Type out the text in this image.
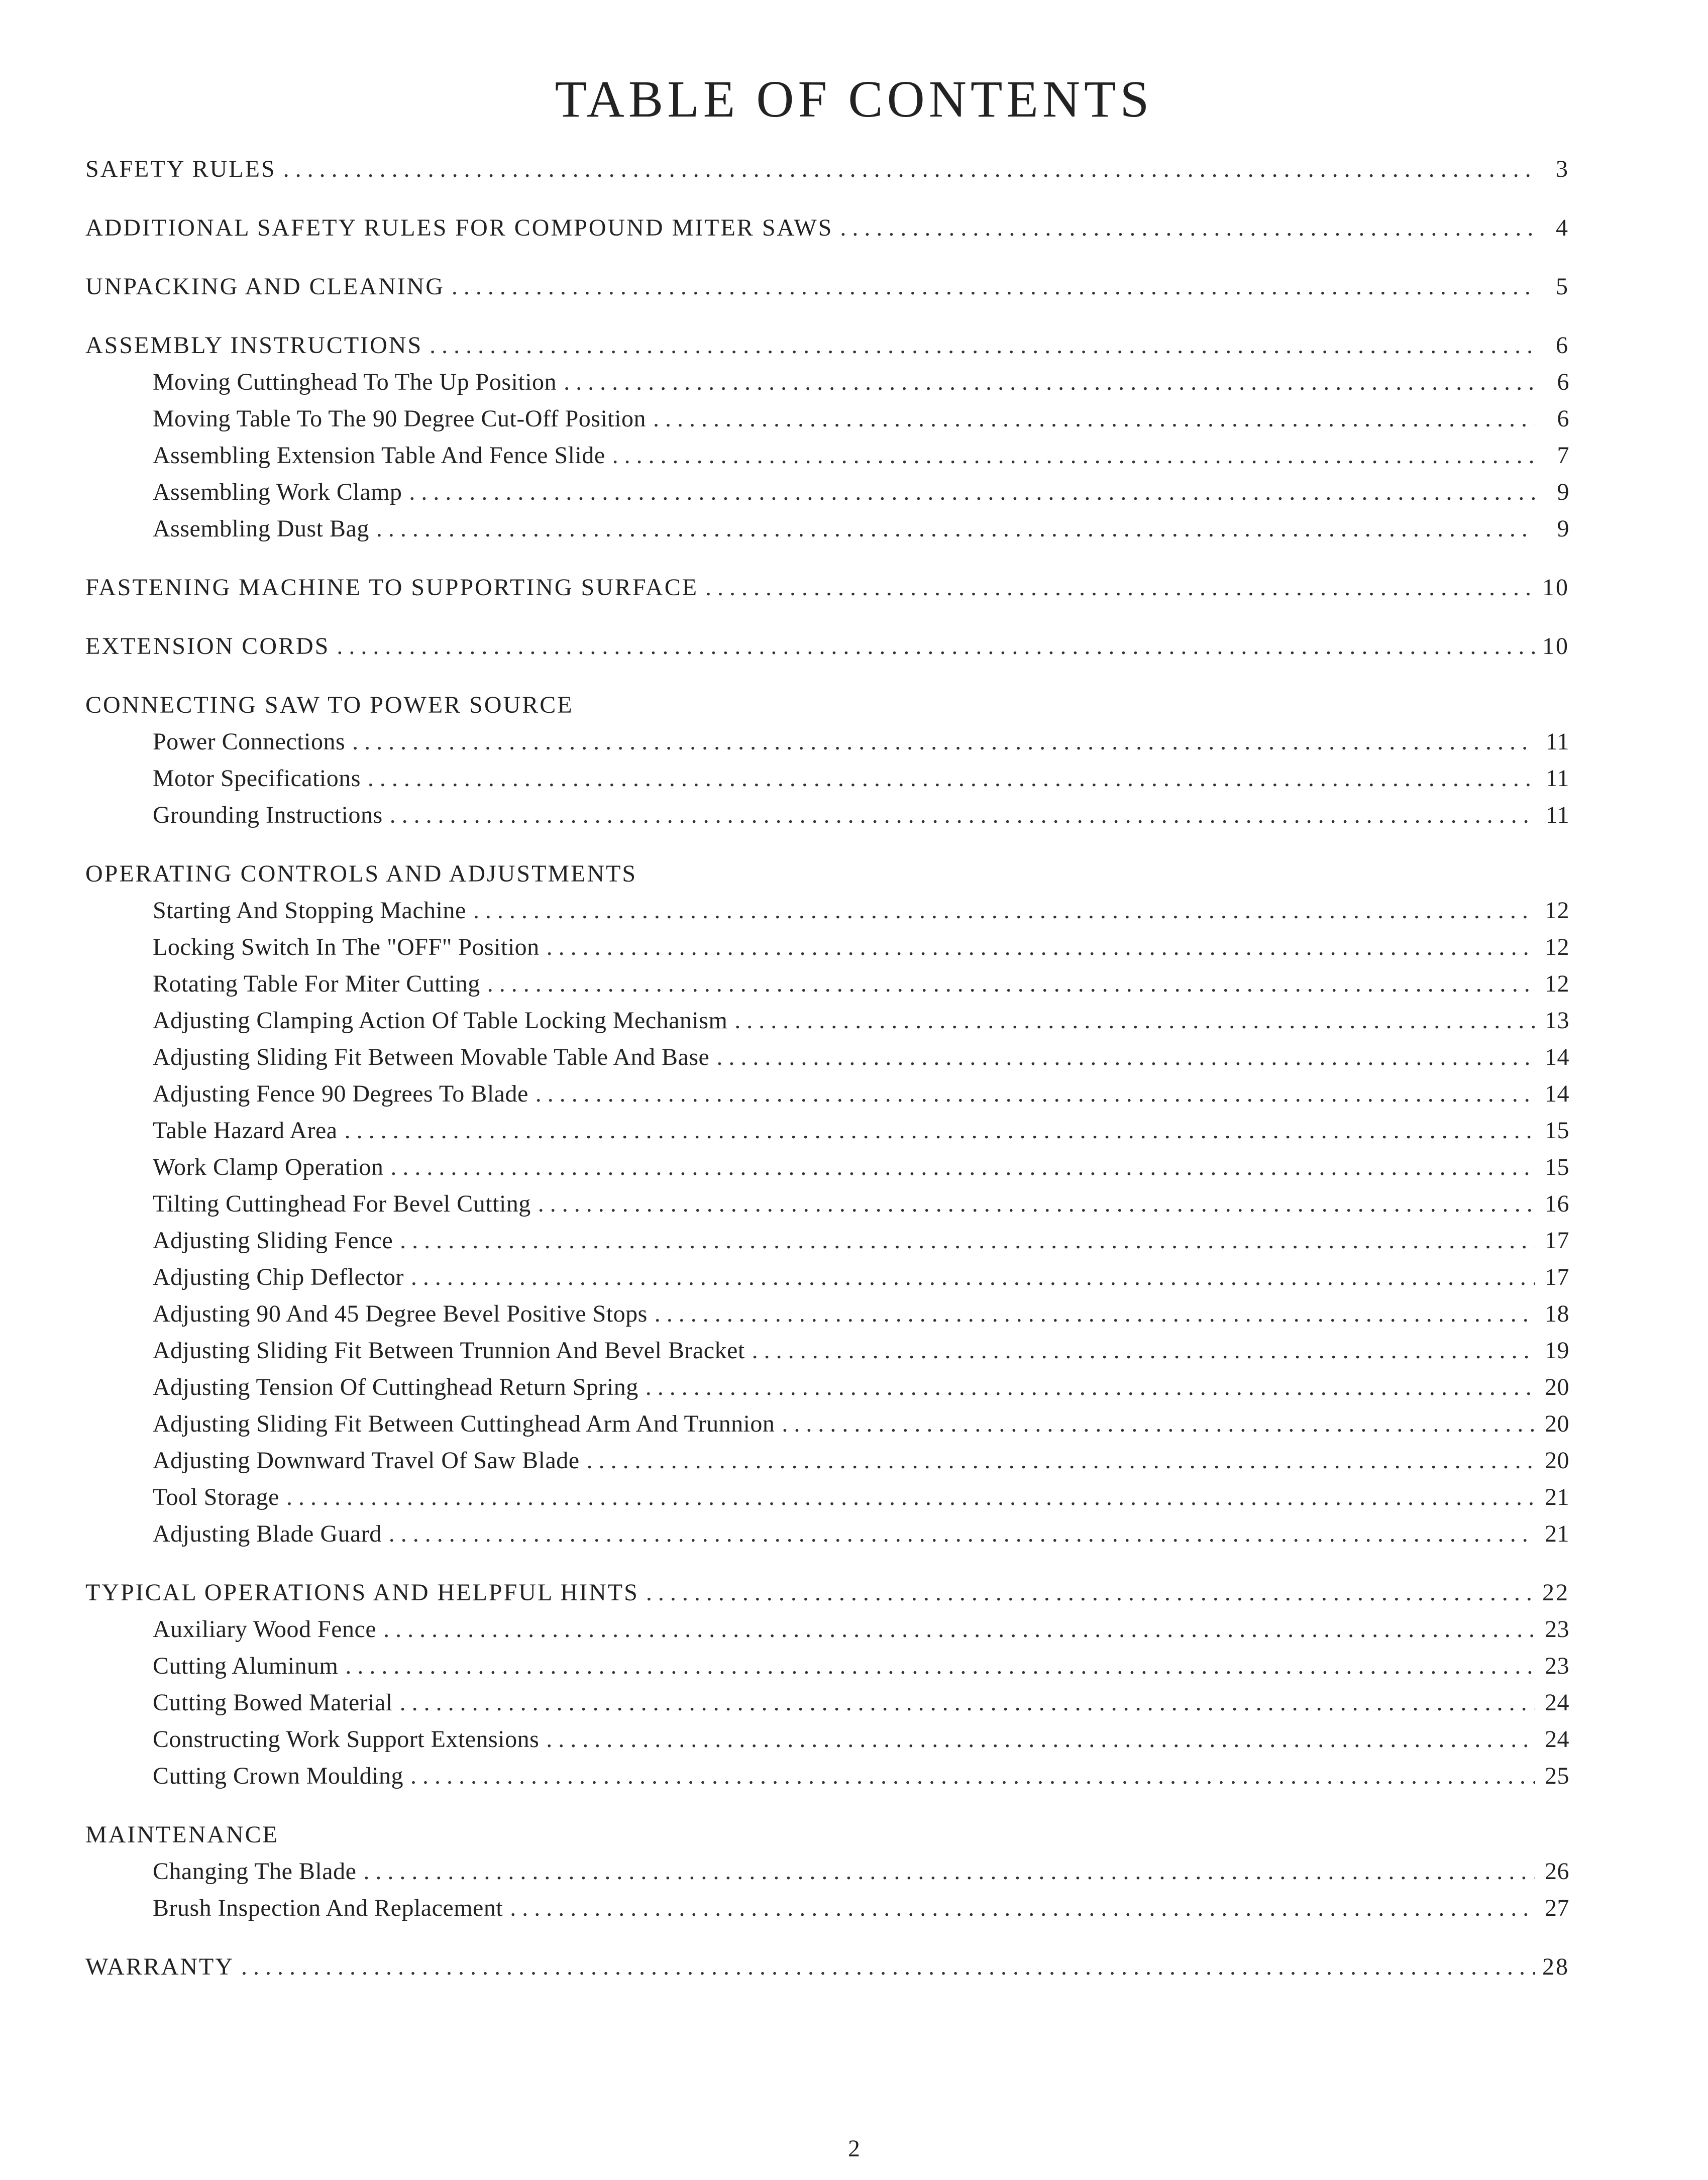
TABLE OF CONTENTS
SAFETY RULES . . .	3
ADDITIONAL SAFETY RULES FOR COMPOUND MITER SAWS . . .	4
UNPACKING AND CLEANING . . .	5
ASSEMBLY INSTRUCTIONS . . .	6
Moving Cuttinghead To The Up Position . . .	6
Moving Table To The 90 Degree Cut-Off Position . . .	6
Assembling Extension Table And Fence Slide . . .	7
Assembling Work Clamp . . .	9
Assembling Dust Bag . . .	9
FASTENING MACHINE TO SUPPORTING SURFACE . . .	10
EXTENSION CORDS . . .	10
CONNECTING SAW TO POWER SOURCE
Power Connections . . .	11
Motor Specifications . . .	11
Grounding Instructions . . .	11
OPERATING CONTROLS AND ADJUSTMENTS
Starting And Stopping Machine . . .	12
Locking Switch In The "OFF" Position . . .	12
Rotating Table For Miter Cutting . . .	12
Adjusting Clamping Action Of Table Locking Mechanism . . .	13
Adjusting Sliding Fit Between Movable Table And Base . . .	14
Adjusting Fence 90 Degrees To Blade . . .	14
Table Hazard Area . . .	15
Work Clamp Operation . . .	15
Tilting Cuttinghead For Bevel Cutting . . .	16
Adjusting Sliding Fence . . .	17
Adjusting Chip Deflector . . .	17
Adjusting 90 And 45 Degree Bevel Positive Stops . . .	18
Adjusting Sliding Fit Between Trunnion And Bevel Bracket . . .	19
Adjusting Tension Of Cuttinghead Return Spring . . .	20
Adjusting Sliding Fit Between Cuttinghead Arm And Trunnion . . .	20
Adjusting Downward Travel Of Saw Blade . . .	20
Tool Storage . . .	21
Adjusting Blade Guard . . .	21
TYPICAL OPERATIONS AND HELPFUL HINTS . . .	22
Auxiliary Wood Fence . . .	23
Cutting Aluminum . . .	23
Cutting Bowed Material . . .	24
Constructing Work Support Extensions . . .	24
Cutting Crown Moulding . . .	25
MAINTENANCE
Changing The Blade . . .	26
Brush Inspection And Replacement . . .	27
WARRANTY . . .	28
2
